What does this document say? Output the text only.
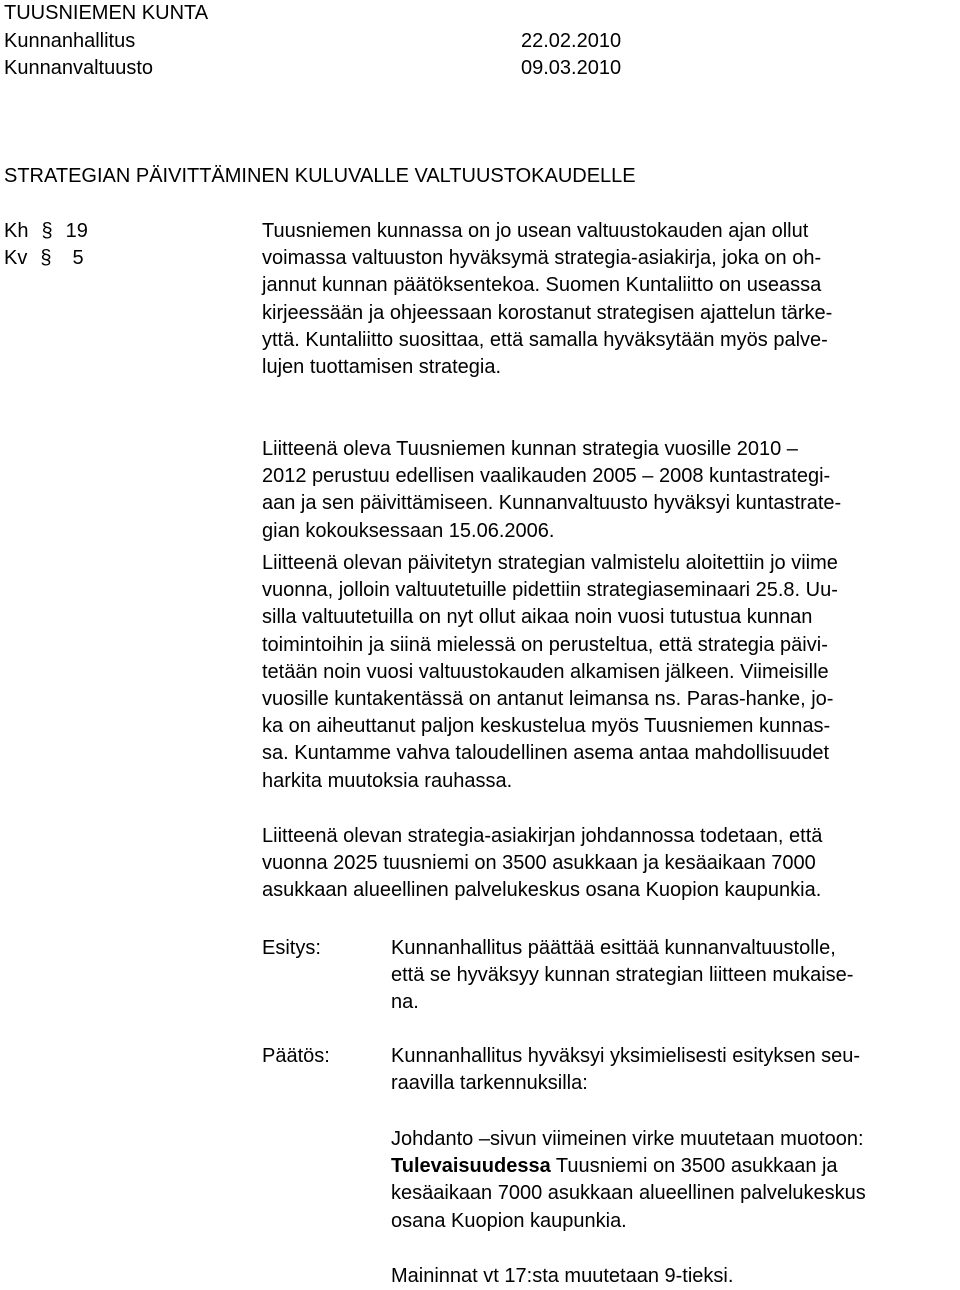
TUUSNIEMEN KUNTA
Kunnanhallitus	22.02.2010
Kunnanvaltuusto	09.03.2010
STRATEGIAN PÄIVITTÄMINEN KULUVALLE VALTUUSTOKAUDELLE
Kh § 19
Kv § 5
Tuusniemen kunnassa on jo usean valtuustokauden ajan ollut
voimassa valtuuston hyväksymä strategia-asiakirja, joka on oh-
jannut kunnan päätöksentekoa. Suomen Kuntaliitto on useassa
kirjeessään ja ohjeessaan korostanut strategisen ajattelun tärke-
yttä. Kuntaliitto suosittaa, että samalla hyväksytään myös palve-
lujen tuottamisen strategia.
Liitteenä oleva Tuusniemen kunnan strategia vuosille 2010 –
2012 perustuu edellisen vaalikauden 2005 – 2008 kuntastrategi-
aan ja sen päivittämiseen. Kunnanvaltuusto hyväksyi kuntastrate-
gian kokouksessaan 15.06.2006.
Liitteenä olevan päivitetyn strategian valmistelu aloitettiin jo viime
vuonna, jolloin valtuutetuille pidettiin strategiaseminaari 25.8. Uu-
silla valtuutetuilla on nyt ollut aikaa noin vuosi tutustua kunnan
toimintoihin ja siinä mielessä on perusteltua, että strategia päivi-
tetään noin vuosi valtuustokauden alkamisen jälkeen. Viimeisille
vuosille kuntakentässä on antanut leimansa ns. Paras-hanke, jo-
ka on aiheuttanut paljon keskustelua myös Tuusniemen kunnas-
sa. Kuntamme vahva taloudellinen asema antaa mahdollisuudet
harkita muutoksia rauhassa.
Liitteenä olevan strategia-asiakirjan johdannossa todetaan, että
vuonna 2025 tuusniemi on 3500 asukkaan ja kesäaikaan 7000
asukkaan alueellinen palvelukeskus osana Kuopion kaupunkia.
Esitys:	Kunnanhallitus päättää esittää kunnanvaltuustolle,
että se hyväksyy kunnan strategian liitteen mukaise-
na.
Päätös:	Kunnanhallitus hyväksyi yksimielisesti esityksen seu-
raavilla tarkennuksilla:
Johdanto –sivun viimeinen virke muutetaan muotoon:
Tulevaisuudessa Tuusniemi on 3500 asukkaan ja
kesäaikaan 7000 asukkaan alueellinen palvelukeskus
osana Kuopion kaupunkia.
Maininnat vt 17:sta muutetaan 9-tieksi.
